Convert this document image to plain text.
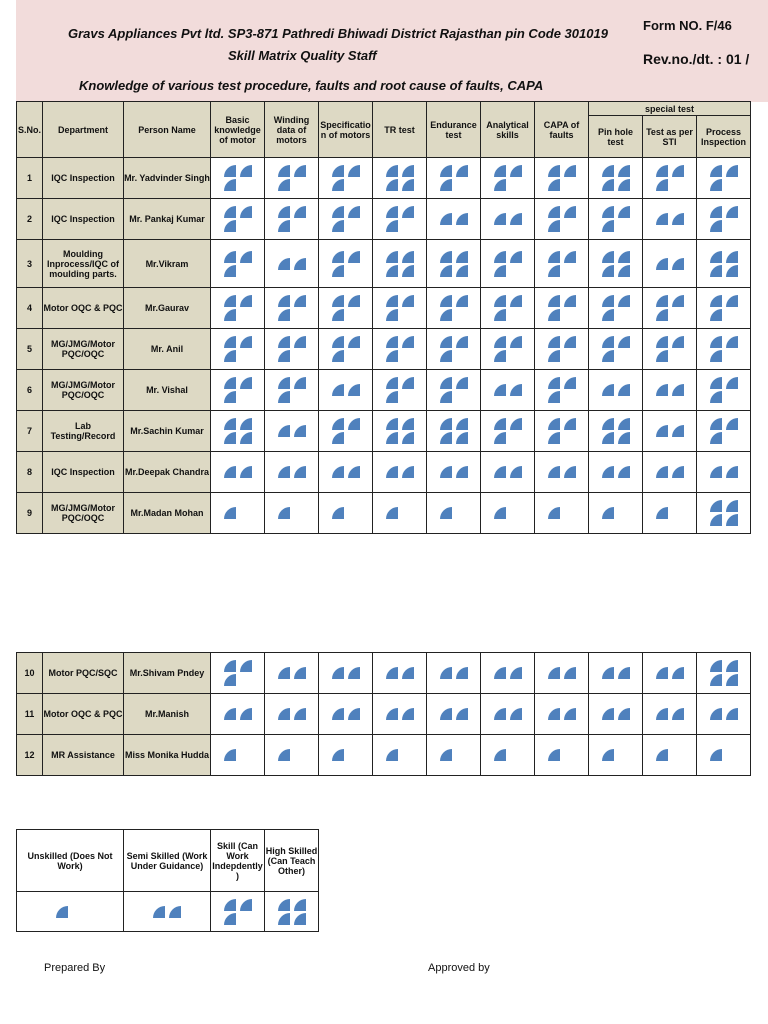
Gravs Appliances Pvt ltd. SP3-871 Pathredi Bhiwadi District Rajasthan pin Code 301019
Skill Matrix Quality Staff
Knowledge of various test procedure, faults and root cause of faults, CAPA
Form NO. F/46
Rev.no./dt. : 01 /
S.No.	Department	Person Name	Basic knowledge of motor	Winding data of motors	Specificatio n of motors	TR test	Endurance test	Analytical skills	CAPA of faults	special test		
										Pin hole test	Test as per STI	Process Inspection
1	IQC Inspection	Mr. Yadvinder Singh	

2	IQC Inspection	Mr. Pankaj Kumar	

3	Moulding Inprocess/IQC of moulding parts.	Mr.Vikram	

4	Motor OQC & PQC	Mr.Gaurav	

5	MG/JMG/Motor PQC/OQC	Mr. Anil	

6	MG/JMG/Motor PQC/OQC	Mr. Vishal	

7	Lab Testing/Record	Mr.Sachin Kumar	

8	IQC Inspection	Mr.Deepak Chandra	

9	MG/JMG/Motor PQC/OQC	Mr.Madan Mohan	

10	Motor PQC/SQC	Mr.Shivam Pndey	

11	Motor OQC & PQC	Mr.Manish	

12	MR Assistance	Miss Monika Hudda	

Unskilled (Does Not Work)	Semi Skilled (Work Under Guidance)	Skill (Can Work Indepdently )	High Skilled (Can Teach Other)

Prepared By	Approved by
